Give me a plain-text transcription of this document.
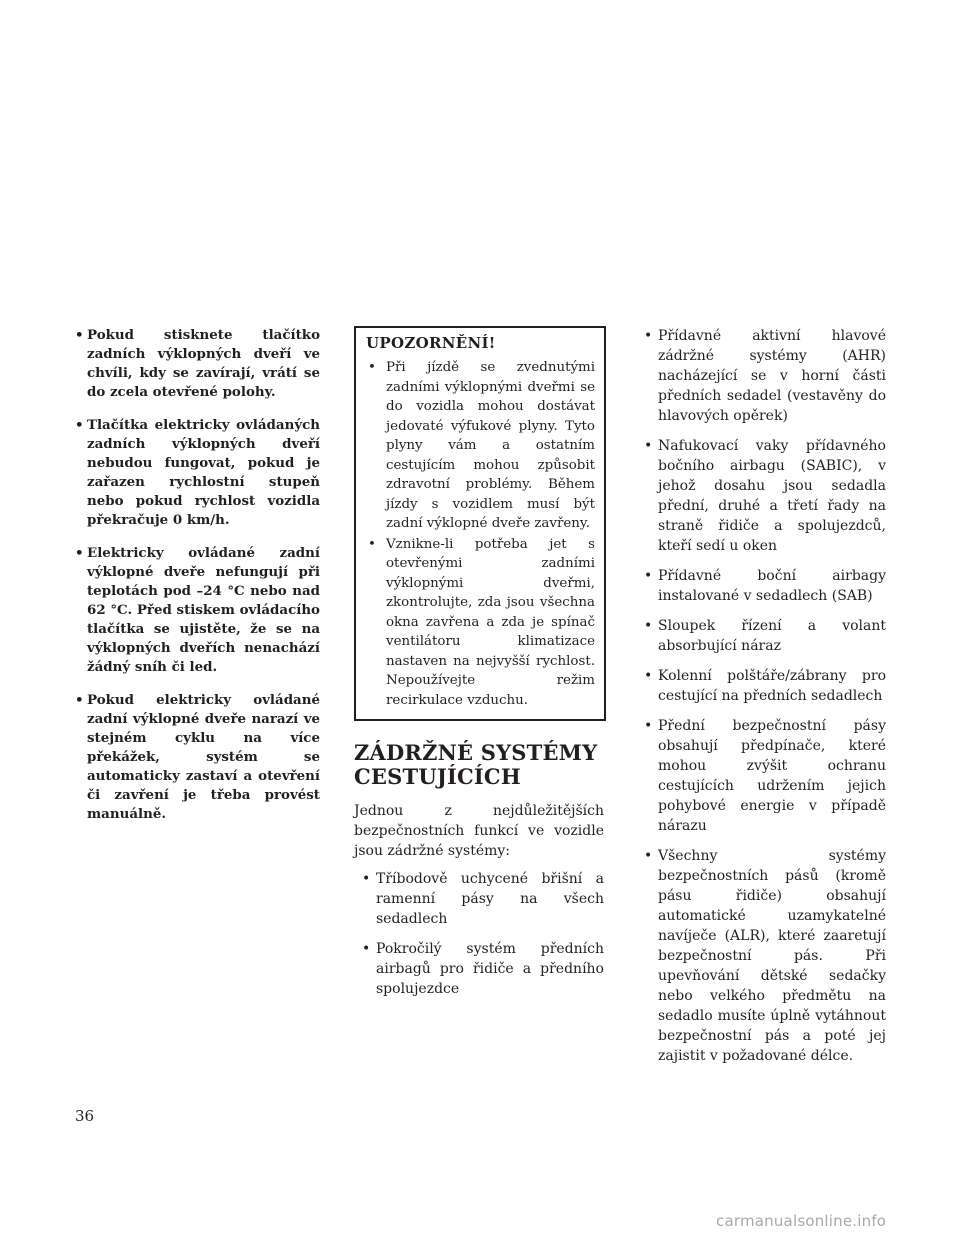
• Pokud stisknete tlačítko zadních výklopných dveří ve chvíli, kdy se zavírají, vrátí se do zcela otevřené polohy.
• Tlačítka elektricky ovládaných zadních výklopných dveří nebudou fungovat, pokud je zařazen rychlostní stupeň nebo pokud rychlost vozidla překračuje 0 km/h.
• Elektricky ovládané zadní výklopné dveře nefungují při teplotách pod –24 °C nebo nad 62 °C. Před stiskem ovládacího tlačítka se ujistěte, že se na výklopných dveřích nenachází žádný sníh či led.
• Pokud elektricky ovládané zadní výklopné dveře narazí ve stejném cyklu na více překážek, systém se automaticky zastaví a otevření či zavření je třeba provést manuálně.
UPOZORNĚNÍ!
• Při jízdě se zvednutými zadními výklopnými dveřmi se do vozidla mohou dostávat jedovaté výfukové plyny. Tyto plyny vám a ostatním cestujícím mohou způsobit zdravotní problémy. Během jízdy s vozidlem musí být zadní výklopné dveře zavřeny.
• Vznikne-li potřeba jet s otevřenými zadními výklopnými dveřmi, zkontrolujte, zda jsou všechna okna zavřena a zda je spínač ventilátoru klimatizace nastaven na nejvyšší rychlost. Nepoužívejte režim recirkulace vzduchu.
ZÁDRŽNÉ SYSTÉMY
CESTUJÍCÍCH

Jednou z nejdůležitějších bezpečnostních funkcí ve vozidle jsou zádržné systémy:

• Tříbodově uchycené břišní a ramenní pásy na všech sedadlech
• Pokročilý systém předních airbagů pro řidiče a předního spolujezdce
• Přídavné aktivní hlavové zádržné systémy (AHR) nacházející se v horní části předních sedadel (vestavěny do hlavových opěrek)
• Nafukovací vaky přídavného bočního airbagu (SABIC), v jehož dosahu jsou sedadla přední, druhé a třetí řady na straně řidiče a spolujezdců, kteří sedí u oken
• Přídavné boční airbagy instalované v sedadlech (SAB)
• Sloupek řízení a volant absorbující náraz
• Kolenní polštáře/zábrany pro cestující na předních sedadlech
• Přední bezpečnostní pásy obsahují předpínače, které mohou zvýšit ochranu cestujících udržením jejich pohybové energie v případě nárazu
• Všechny systémy bezpečnostních pásů (kromě pásu řidiče) obsahují automatické uzamykatelné navíječe (ALR), které zaaretují bezpečnostní pás. Při upevňování dětské sedačky nebo velkého předmětu na sedadlo musíte úplně vytáhnout bezpečnostní pás a poté jej zajistit v požadované délce.
36
carmanualsonline.info
